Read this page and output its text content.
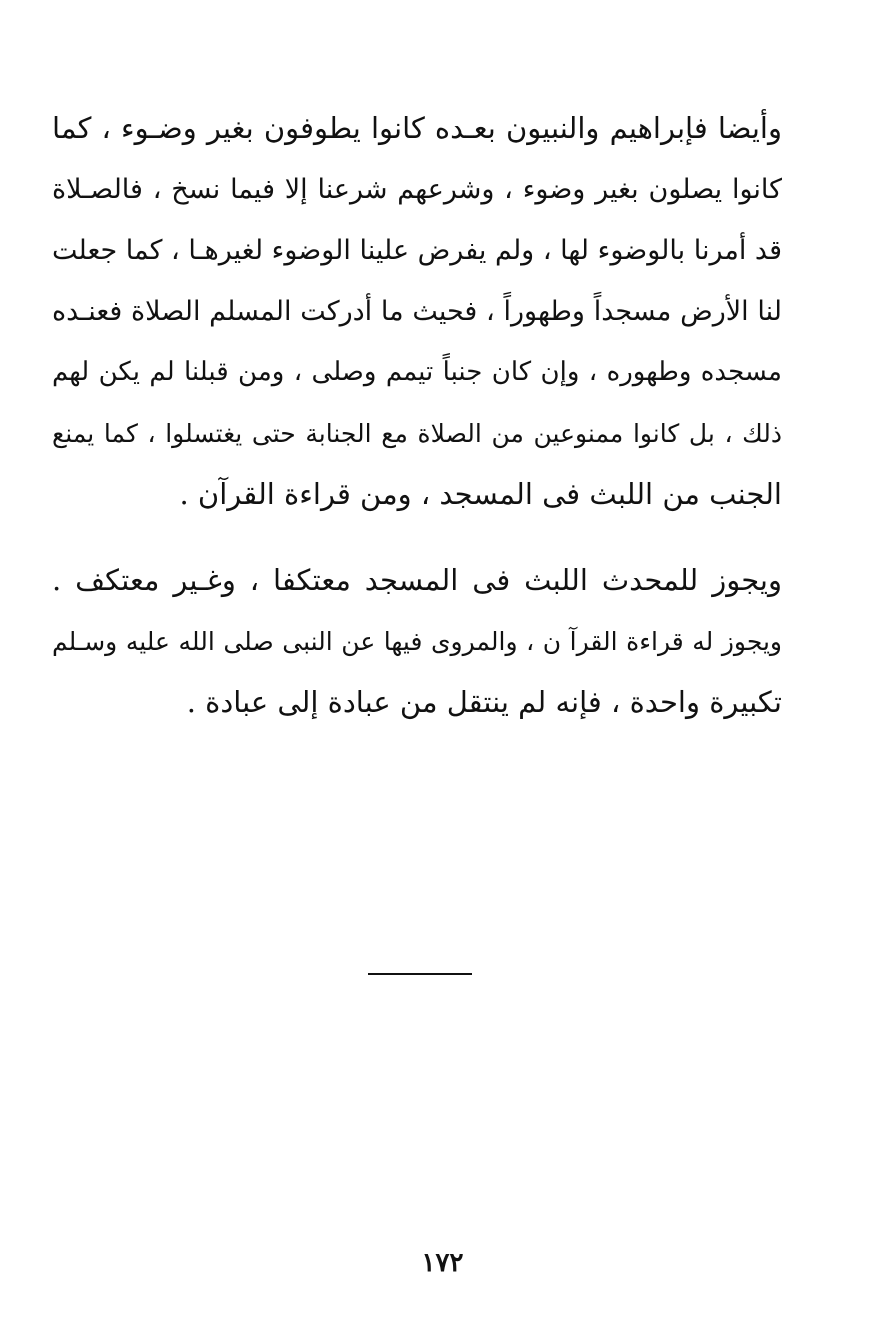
وأيضا فإبراهيم والنبيون بعـده كانوا يطوفون بغير وضـوء ، كما
كانوا يصلون بغير وضوء ، وشرعهم شرعنا إلا فيما نسخ ، فالصـلاة
قد أمرنا بالوضوء لها ، ولم يفرض علينا الوضوء لغيرهـا ، كما جعلت
لنا الأرض مسجداً وطهوراً ، فحيث ما أدركت المسلم الصلاة فعنـده
مسجده وطهوره ، وإن كان جنباً تيمم وصلى ، ومن قبلنا لم يكن لهم
ذلك ، بل كانوا ممنوعين من الصلاة مع الجنابة حتى يغتسلوا ، كما يمنع
الجنب من اللبث فى المسجد ، ومن قراءة القرآن .
ويجوز للمحدث اللبث فى المسجد معتكفا ، وغـير معتكف .
ويجوز له قراءة القرآ ن ، والمروى فيها عن النبى صلى الله عليه وسـلم
تكبيرة واحدة ، فإنه لم ينتقل من عبادة إلى عبادة .
١٧٢
